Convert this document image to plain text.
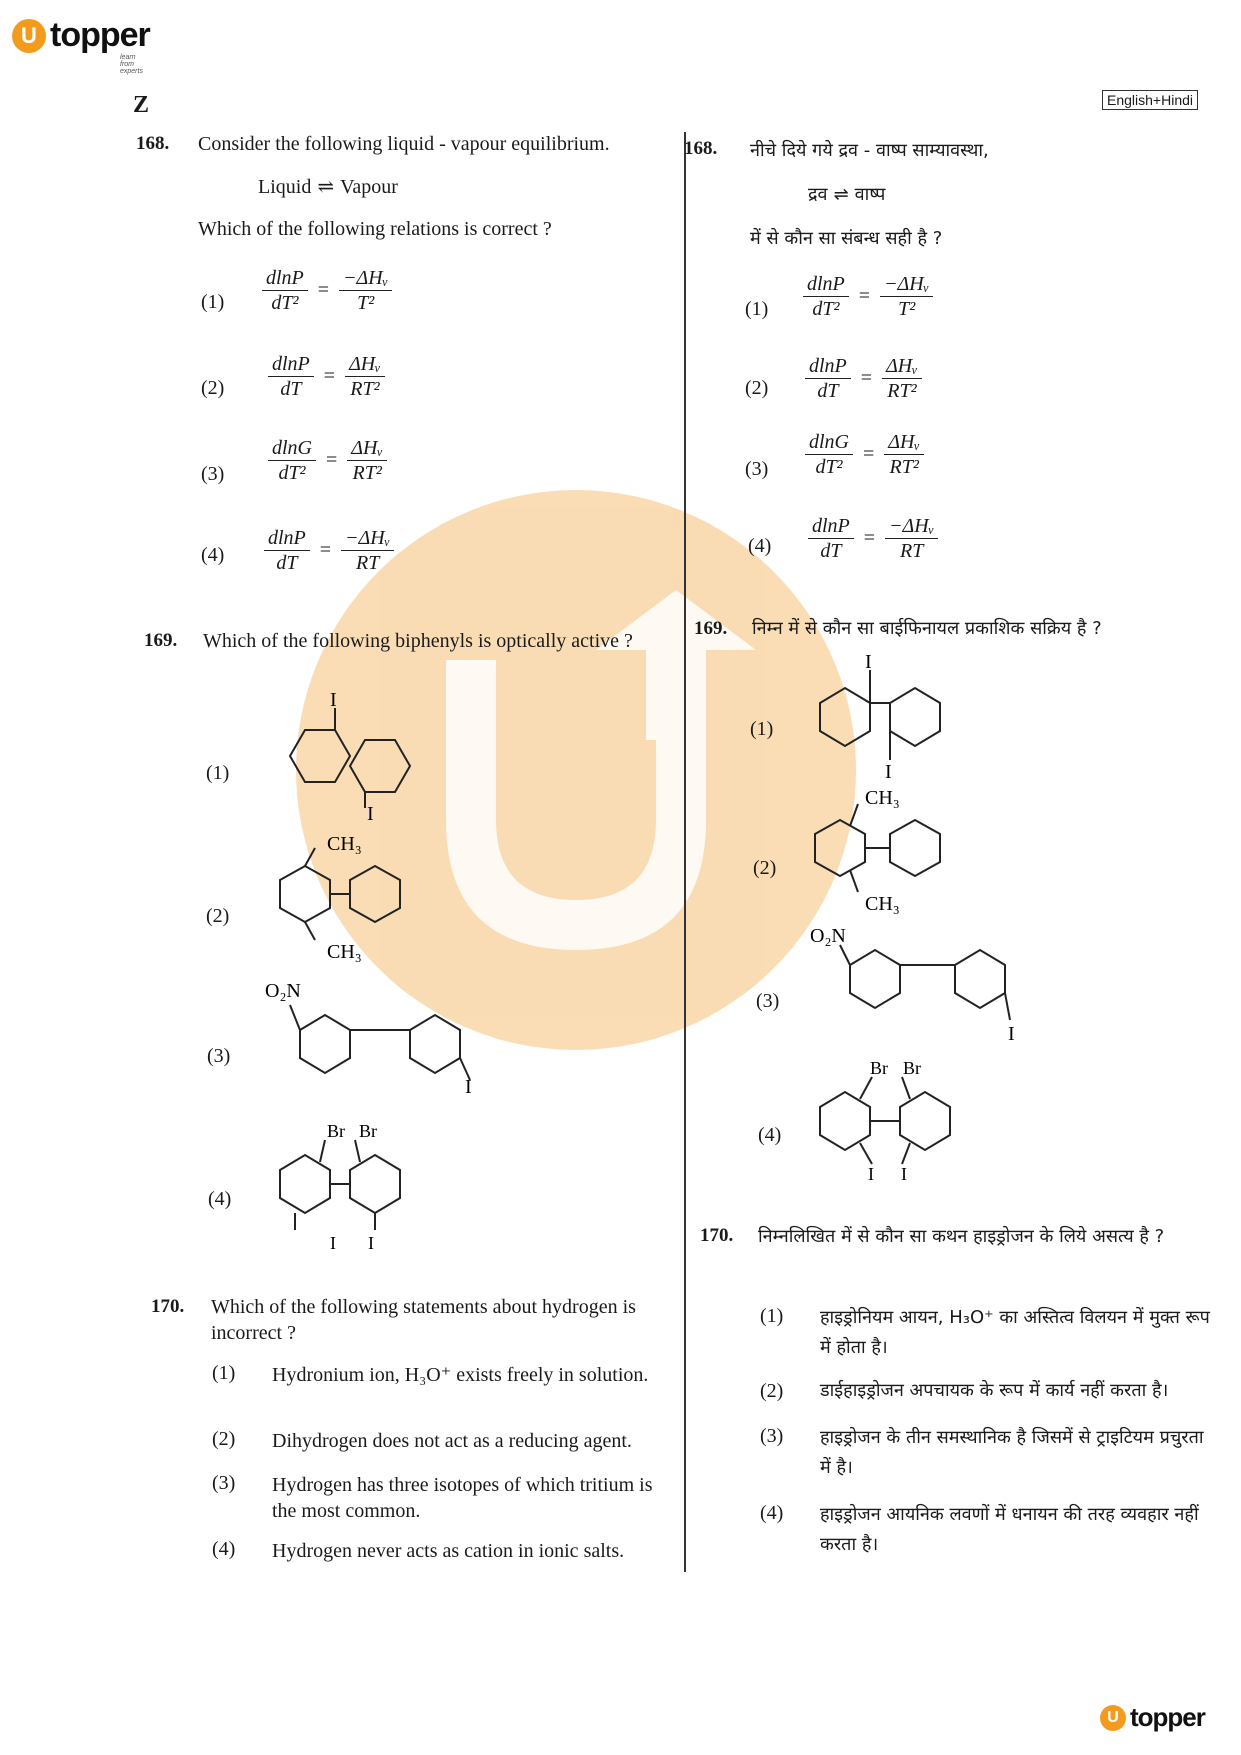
U topper
learn from experts
Z	English+Hindi
168. Consider the following liquid - vapour equilibrium.
Liquid ⇌ Vapour
Which of the following relations is correct ?
$(1) \frac{dlnP}{\text{dT²}} = \frac{\text{−ΔHᵥ}}{\text{T²}}$
$(2) \frac{dlnP}{dT} = \frac{\text{ΔHᵥ}}{\text{RT²}}$
$(3) \frac{dlnG}{\text{dT²}} = \frac{\text{ΔHᵥ}}{\text{RT²}}$
$(4) \frac{dlnP}{dT} = \frac{\text{−ΔHᵥ}}{RT}$
169. Which of the following biphenyls is optically active ?
(1)
I
I
(2)
CH₃
CH₃
(3)
O₂N
I
(4)
Br Br
I I
170. Which of the following statements about hydrogen is incorrect ?
(1) Hydronium ion, H₃O⁺ exists freely in solution.
(2) Dihydrogen does not act as a reducing agent.
(3) Hydrogen has three isotopes of which tritium is the most common.
(4) Hydrogen never acts as cation in ionic salts.
168. नीचे दिये गये द्रव - वाष्प साम्यावस्था,
द्रव ⇌ वाष्प
में से कौन सा संबन्ध सही है ?
$(1) \frac{dlnP}{\text{dT²}} = \frac{\text{−ΔHᵥ}}{\text{T²}}$
$(2) \frac{dlnP}{dT} = \frac{\text{ΔHᵥ}}{\text{RT²}}$
$(3) \frac{dlnG}{\text{dT²}} = \frac{\text{ΔHᵥ}}{\text{RT²}}$
$(4) \frac{dlnP}{dT} = \frac{\text{−ΔHᵥ}}{RT}$
169. निम्न में से कौन सा बाईफिनायल प्रकाशिक सक्रिय है ?
(1)
I
I
(2)
CH₃
CH₃
(3)
O₂N
I
(4)
Br Br
I I
170. निम्नलिखित में से कौन सा कथन हाइड्रोजन के लिये असत्य है ?
(1) हाइड्रोनियम आयन, H₃O⁺ का अस्तित्व विलयन में मुक्त रूप में होता है।
(2) डाईहाइड्रोजन अपचायक के रूप में कार्य नहीं करता है।
(3) हाइड्रोजन के तीन समस्थानिक है जिसमें से ट्राइटियम प्रचुरता में है।
(4) हाइड्रोजन आयनिक लवणों में धनायन की तरह व्यवहार नहीं करता है।
U topper
